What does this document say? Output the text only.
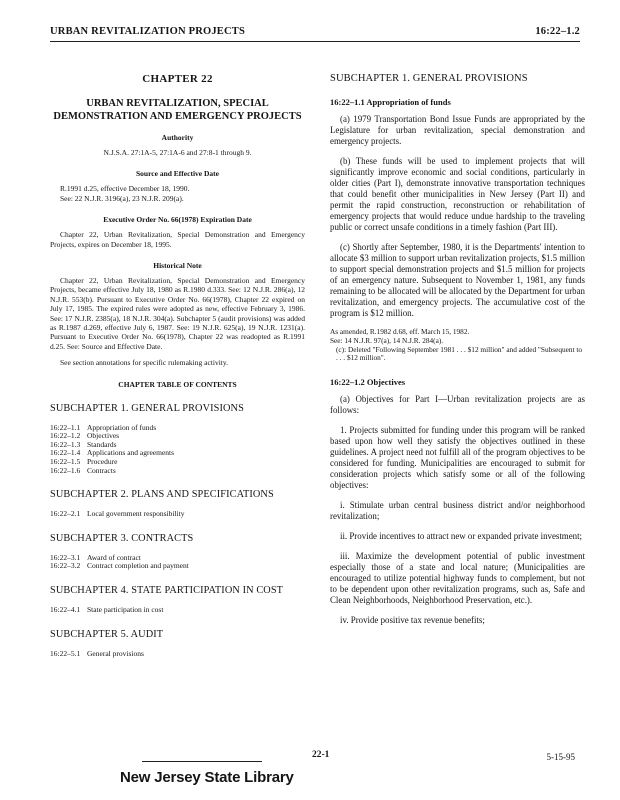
URBAN REVITALIZATION PROJECTS	16:22–1.2
CHAPTER 22
URBAN REVITALIZATION, SPECIAL DEMONSTRATION AND EMERGENCY PROJECTS
Authority
N.J.S.A. 27:1A-5, 27:1A-6 and 27:8-1 through 9.
Source and Effective Date
R.1991 d.25, effective December 18, 1990.
See: 22 N.J.R. 3196(a), 23 N.J.R. 209(a).
Executive Order No. 66(1978) Expiration Date
Chapter 22, Urban Revitalization, Special Demonstration and Emergency Projects, expires on December 18, 1995.
Historical Note
Chapter 22, Urban Revitalization, Special Demonstration and Emergency Projects, became effective July 18, 1980 as R.1980 d.333. See: 12 N.J.R. 286(a), 12 N.J.R. 553(b). Pursuant to Executive Order No. 66(1978), Chapter 22 expired on July 17, 1985. The expired rules were adopted as new, effective February 3, 1986. See: 17 N.J.R. 2385(a), 18 N.J.R. 304(a). Subchapter 5 (audit provisions) was added as R.1987 d.269, effective July 6, 1987. See: 19 N.J.R. 625(a), 19 N.J.R. 1231(a). Pursuant to Executive Order No. 66(1978), Chapter 22 was readopted as R.1991 d.25. See: Source and Effective Date.
See section annotations for specific rulemaking activity.
CHAPTER TABLE OF CONTENTS
SUBCHAPTER 1. GENERAL PROVISIONS
16:22–1.1 Appropriation of funds
16:22–1.2 Objectives
16:22–1.3 Standards
16:22–1.4 Applications and agreements
16:22–1.5 Procedure
16:22–1.6 Contracts
SUBCHAPTER 2. PLANS AND SPECIFICATIONS
16:22–2.1 Local government responsibility
SUBCHAPTER 3. CONTRACTS
16:22–3.1 Award of contract
16:22–3.2 Contract completion and payment
SUBCHAPTER 4. STATE PARTICIPATION IN COST
16:22–4.1 State participation in cost
SUBCHAPTER 5. AUDIT
16:22–5.1 General provisions
SUBCHAPTER 1. GENERAL PROVISIONS
16:22–1.1 Appropriation of funds
(a) 1979 Transportation Bond Issue Funds are appropriated by the Legislature for urban revitalization, special demonstration and emergency projects.
(b) These funds will be used to implement projects that will significantly improve economic and social conditions, particularly in older cities (Part I), demonstrate innovative transportation techniques that could benefit other municipalities in New Jersey (Part II) and permit the rapid construction, reconstruction or rehabilitation of emergency projects that would reduce undue hardship to the traveling public or correct unsafe conditions in a timely fashion (Part III).
(c) Shortly after September, 1980, it is the Departments' intention to allocate $3 million to support urban revitalization projects, $1.5 million to support special demonstration projects and $1.5 million for projects of an emergency nature. Subsequent to November 1, 1981, any funds remaining to be allocated will be allocated by the Department for urban revitalization, and emergency projects. The accumulative cost of the program is $12 million.
As amended, R.1982 d.68, eff. March 15, 1982.
See: 14 N.J.R. 97(a), 14 N.J.R. 284(a).
(c): Deleted "Following September 1981 . . . $12 million" and added "Subsequent to . . . $12 million".
16:22–1.2 Objectives
(a) Objectives for Part I—Urban revitalization projects are as follows:
1. Projects submitted for funding under this program will be ranked based upon how well they satisfy the objectives outlined in these guidelines. A project need not fulfill all of the program objectives to be considered for funding. Municipalities are encouraged to submit for consideration projects which satisfy some or all of the following objectives:
i. Stimulate urban central business district and/or neighborhood revitalization;
ii. Provide incentives to attract new or expanded private investment;
iii. Maximize the development potential of public investment especially those of a state and local nature; (Municipalities are encouraged to utilize potential highway funds to complement, but not to be dependent upon other revitalization programs, such as, Safe and Clean Neighborhoods, Neighborhood Preservation, etc.).
iv. Provide positive tax revenue benefits;
22-1	5-15-95
New Jersey State Library
